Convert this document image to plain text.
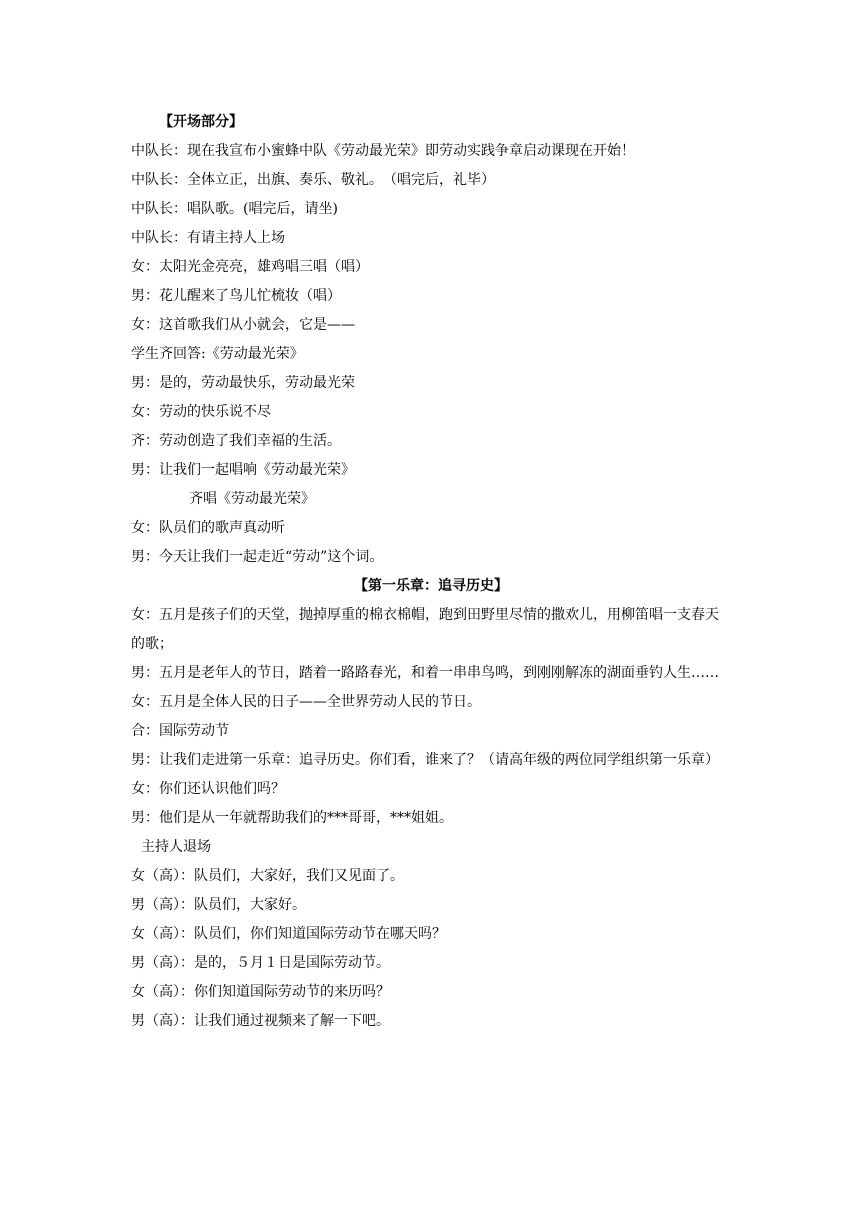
【开场部分】
中队长：现在我宣布小蜜蜂中队《劳动最光荣》即劳动实践争章启动课现在开始！
中队长：全体立正，出旗、奏乐、敬礼。　（唱完后，礼毕）
中队长：唱队歌。(唱完后，请坐)
中队长：有请主持人上场
女：太阳光金亮亮，雄鸡唱三唱（唱）
男：花儿醒来了鸟儿忙梳妆（唱）
女：这首歌我们从小就会，它是——
学生齐回答:《劳动最光荣》
男：是的，劳动最快乐，劳动最光荣
女：劳动的快乐说不尽
齐：劳动创造了我们幸福的生活。
男：让我们一起唱响《劳动最光荣》
齐唱《劳动最光荣》
女：队员们的歌声真动听
男：今天让我们一起走近“劳动”这个词。
【第一乐章：追寻历史】
女：五月是孩子们的天堂，抛掉厚重的棉衣棉帽，跑到田野里尽情的撒欢儿，用柳笛唱一支春天的歌；
男：五月是老年人的节日，踏着一路路春光，和着一串串鸟鸣，到刚刚解冻的湖面垂钓人生……
女：五月是全体人民的日子——全世界劳动人民的节日。
合：国际劳动节
男：让我们走进第一乐章：追寻历史。你们看，谁来了？（请高年级的两位同学组织第一乐章）
女：你们还认识他们吗？
男：他们是从一年就帮助我们的***哥哥，***姐姐。
主持人退场
女（高）：队员们，大家好，我们又见面了。
男（高）：队员们，大家好。
女（高）：队员们，你们知道国际劳动节在哪天吗？
男（高）：是的，５月１日是国际劳动节。
女（高）：你们知道国际劳动节的来历吗？
男（高）：让我们通过视频来了解一下吧。
